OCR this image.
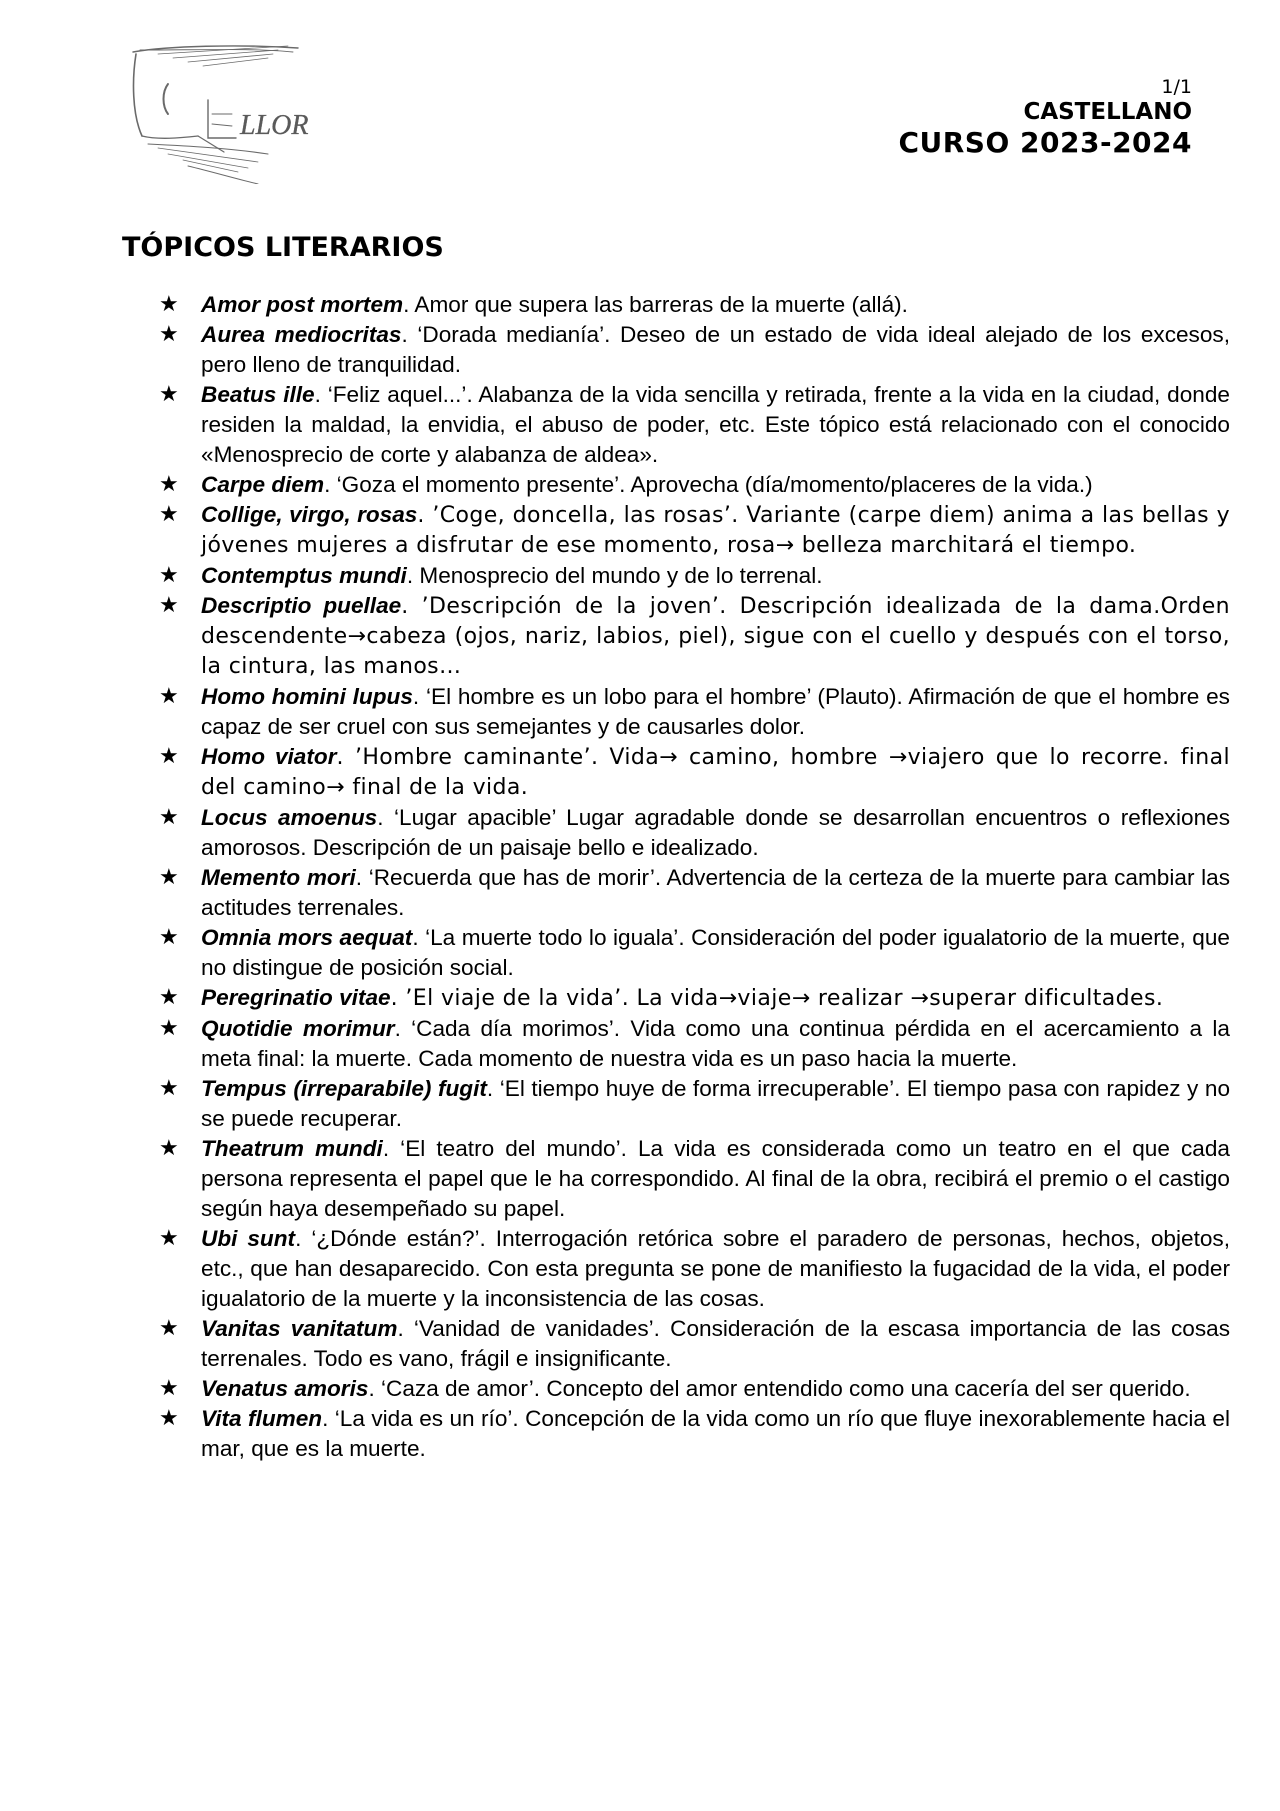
LLOR
1/1
CASTELLANO
CURSO 2023-2024
TÓPICOS LITERARIOS
★ Amor post mortem. Amor que supera las barreras de la muerte (allá).
★ Aurea mediocritas. ‘Dorada medianía’. Deseo de un estado de vida ideal alejado de los excesos, pero lleno de tranquilidad.
★ Beatus ille. ‘Feliz aquel...’. Alabanza de la vida sencilla y retirada, frente a la vida en la ciudad, donde residen la maldad, la envidia, el abuso de poder, etc. Este tópico está relacionado con el conocido «Menosprecio de corte y alabanza de aldea».
★ Carpe diem. ‘Goza el momento presente’. Aprovecha (día/momento/placeres de la vida.)
★ Collige, virgo, rosas. ’Coge, doncella, las rosas’. Variante (carpe diem) anima a las bellas y jóvenes mujeres a disfrutar de ese momento, rosa→ belleza marchitará el tiempo.
★ Contemptus mundi. Menosprecio del mundo y de lo terrenal.
★ Descriptio puellae. ’Descripción de la joven’. Descripción idealizada de la dama.Orden descendente→cabeza (ojos, nariz, labios, piel), sigue con el cuello y después con el torso, la cintura, las manos…
★ Homo homini lupus. ‘El hombre es un lobo para el hombre’ (Plauto). Afirmación de que el hombre es capaz de ser cruel con sus semejantes y de causarles dolor.
★ Homo viator. ’Hombre caminante’. Vida→ camino, hombre →viajero que lo recorre. final del camino→ final de la vida.
★ Locus amoenus. ‘Lugar apacible’ Lugar agradable donde se desarrollan encuentros o reflexiones amorosos. Descripción de un paisaje bello e idealizado.
★ Memento mori. ‘Recuerda que has de morir’. Advertencia de la certeza de la muerte para cambiar las actitudes terrenales.
★ Omnia mors aequat. ‘La muerte todo lo iguala’. Consideración del poder igualatorio de la muerte, que no distingue de posición social.
★ Peregrinatio vitae. ’El viaje de la vida’. La vida→viaje→ realizar →superar dificultades.
★ Quotidie morimur. ‘Cada día morimos’. Vida como una continua pérdida en el acercamiento a la meta final: la muerte. Cada momento de nuestra vida es un paso hacia la muerte.
★ Tempus (irreparabile) fugit. ‘El tiempo huye de forma irrecuperable’. El tiempo pasa con rapidez y no se puede recuperar.
★ Theatrum mundi. ‘El teatro del mundo’. La vida es considerada como un teatro en el que cada persona representa el papel que le ha correspondido. Al final de la obra, recibirá el premio o el castigo según haya desempeñado su papel.
★ Ubi sunt. ‘¿Dónde están?’. Interrogación retórica sobre el paradero de personas, hechos, objetos, etc., que han desaparecido. Con esta pregunta se pone de manifiesto la fugacidad de la vida, el poder igualatorio de la muerte y la inconsistencia de las cosas.
★ Vanitas vanitatum. ‘Vanidad de vanidades’. Consideración de la escasa importancia de las cosas terrenales. Todo es vano, frágil e insignificante.
★ Venatus amoris. ‘Caza de amor’. Concepto del amor entendido como una cacería del ser querido.
★ Vita flumen. ‘La vida es un río’. Concepción de la vida como un río que fluye inexorablemente hacia el mar, que es la muerte.
